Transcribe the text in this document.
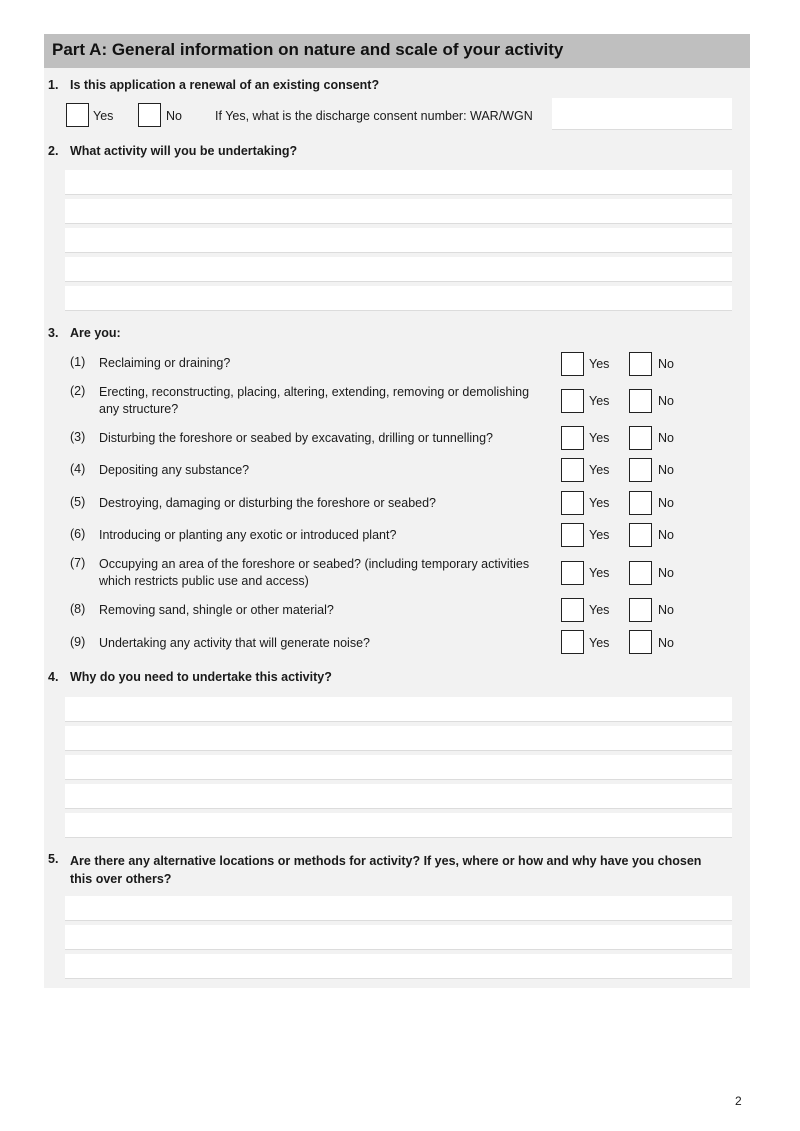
Part A: General information on nature and scale of your activity
1. Is this application a renewal of an existing consent?
Yes	No	If Yes, what is the discharge consent number: WAR/WGN
2. What activity will you be undertaking?
3. Are you:
(1) Reclaiming or draining?	Yes	No
(2) Erecting, reconstructing, placing, altering, extending, removing or demolishing any structure?
Yes	No
(3) Disturbing the foreshore or seabed by excavating, drilling or tunnelling?	Yes	No
(4) Depositing any substance?	Yes	No
(5) Destroying, damaging or disturbing the foreshore or seabed?	Yes	No
(6) Introducing or planting any exotic or introduced plant?	Yes	No
(7) Occupying an area of the foreshore or seabed? (including temporary activities which restricts public use and access)
Yes	No
(8) Removing sand, shingle or other material?	Yes	No
(9) Undertaking any activity that will generate noise?	Yes	No
4. Why do you need to undertake this activity?
5. Are there any alternative locations or methods for activity? If yes, where or how and why have you chosen this over others?
2
